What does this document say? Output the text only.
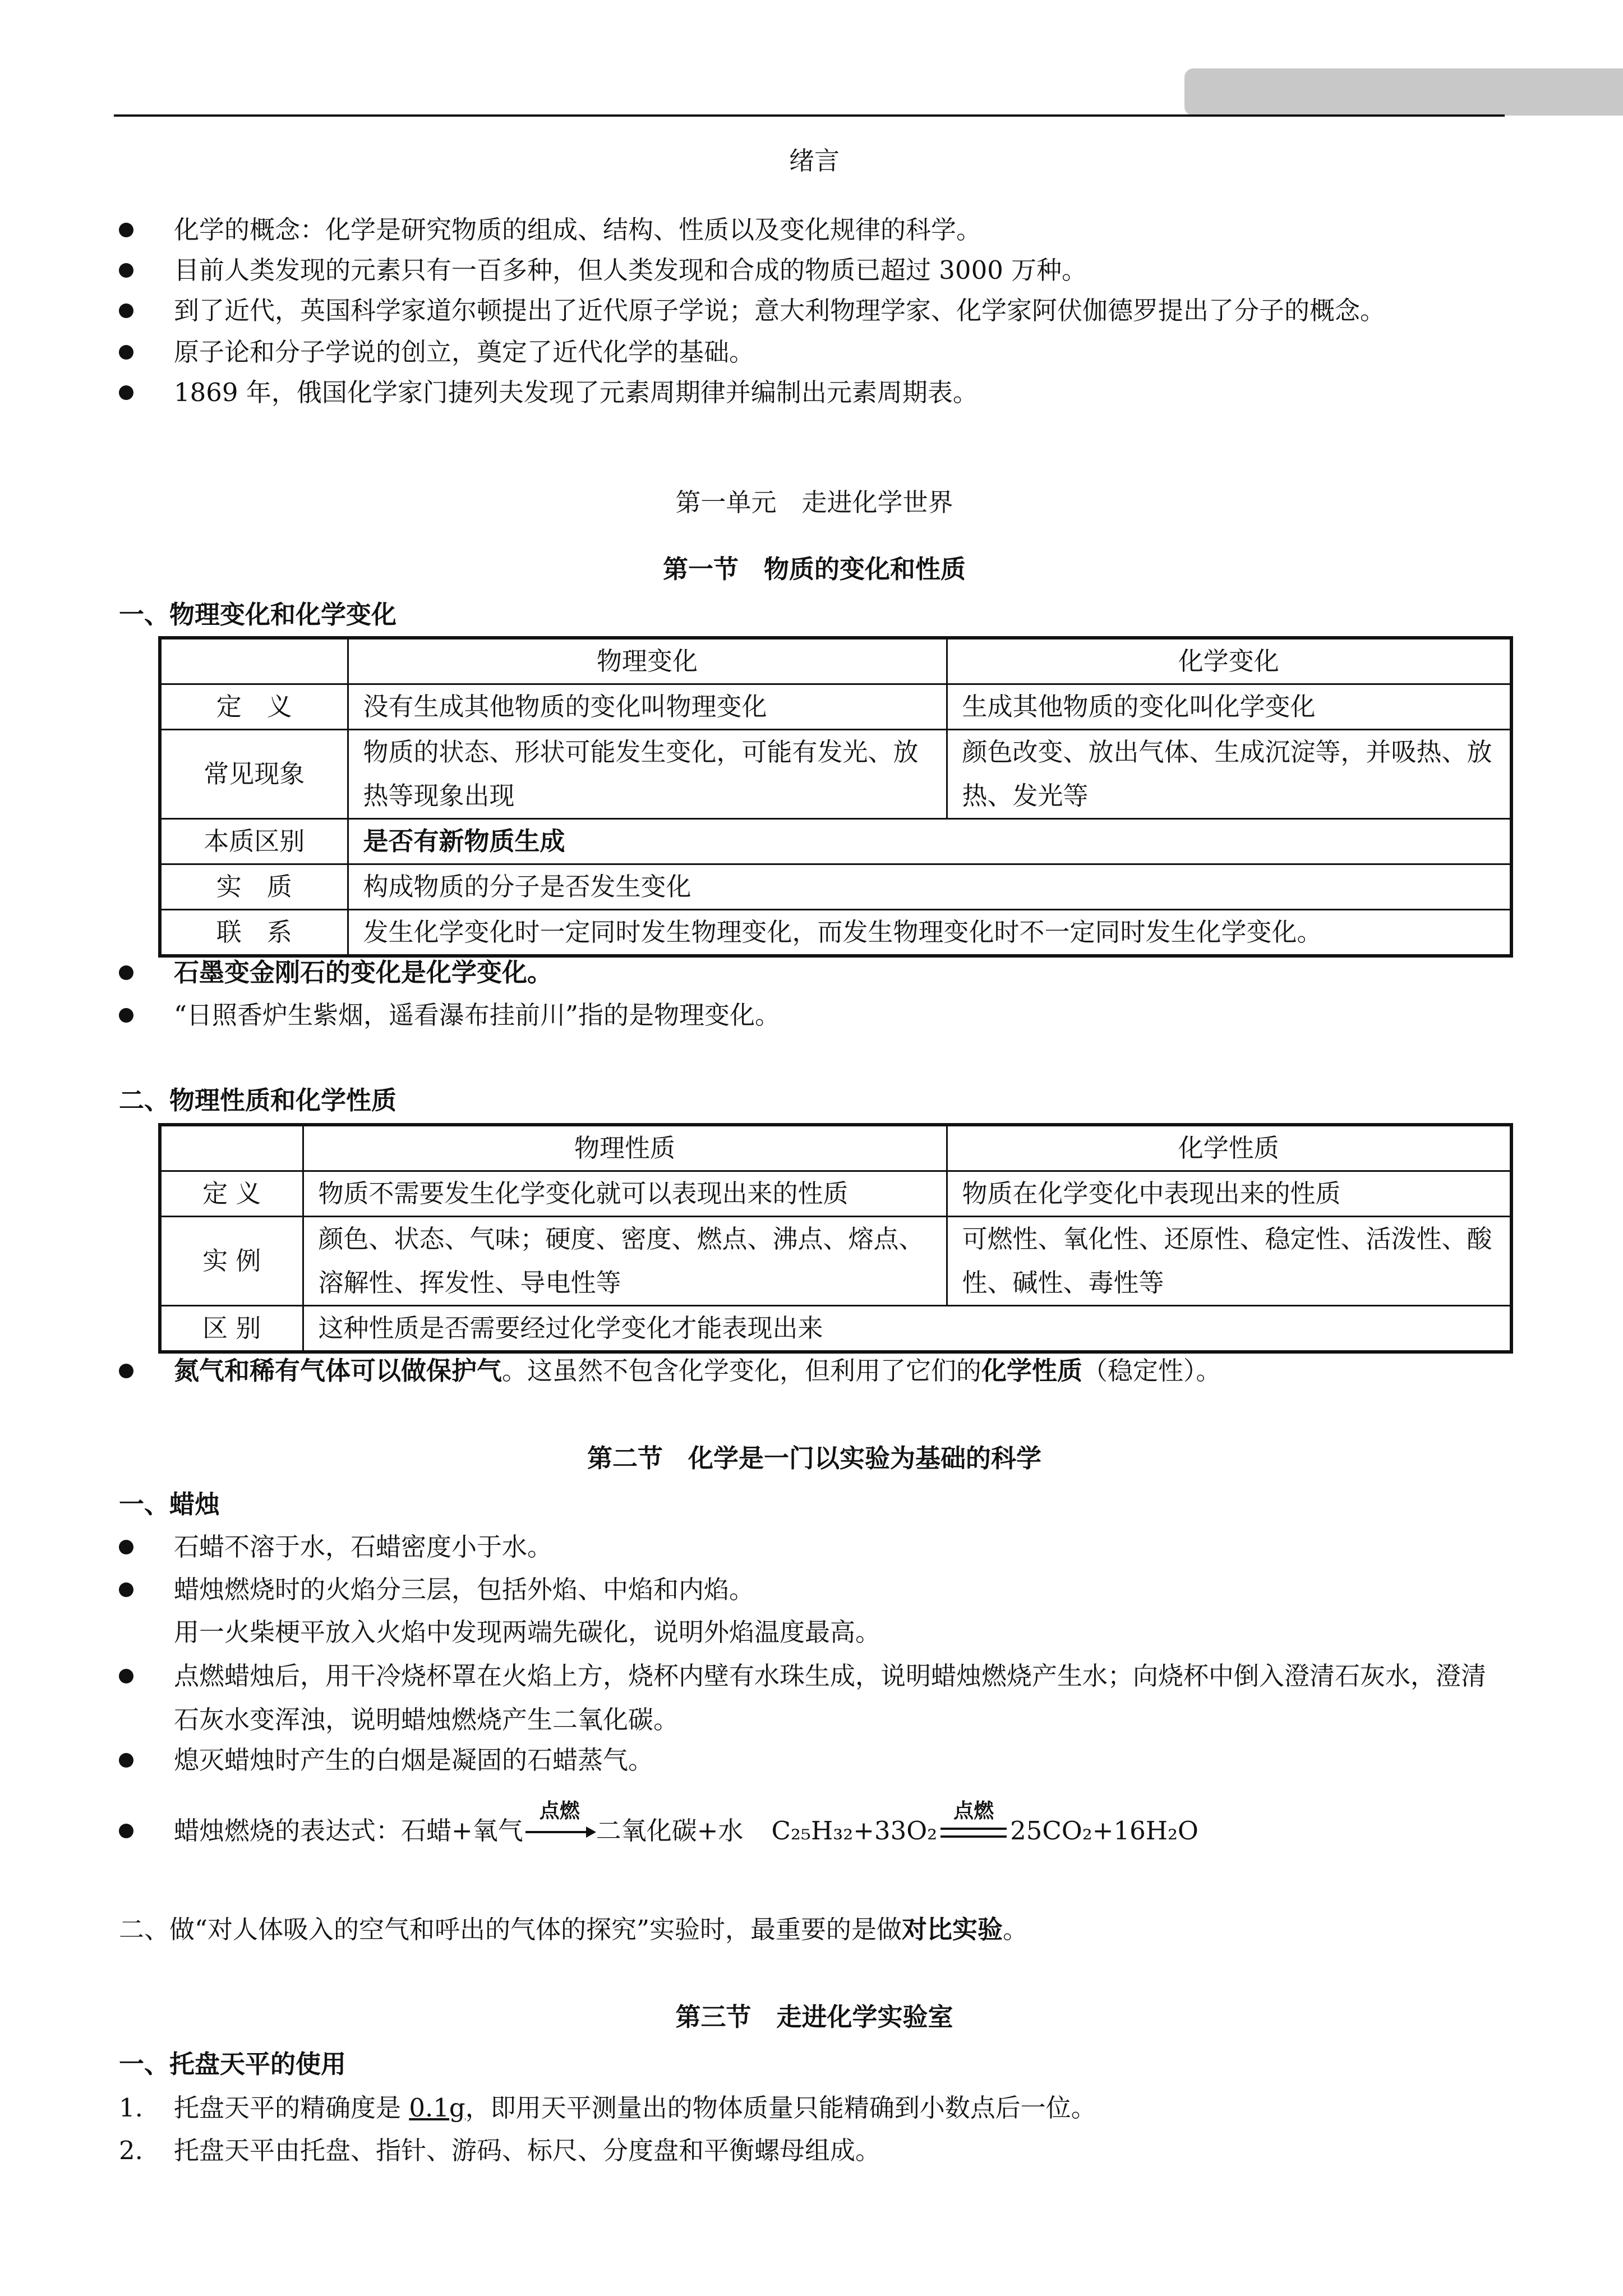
绪言
化学的概念：化学是研究物质的组成、结构、性质以及变化规律的科学。
目前人类发现的元素只有一百多种，但人类发现和合成的物质已超过 3000 万种。
到了近代，英国科学家道尔顿提出了近代原子学说；意大利物理学家、化学家阿伏伽德罗提出了分子的概念。
原子论和分子学说的创立，奠定了近代化学的基础。
1869 年，俄国化学家门捷列夫发现了元素周期律并编制出元素周期表。
第一单元　走进化学世界
第一节　物质的变化和性质
一、物理变化和化学变化
	物理变化	化学变化
定　义	没有生成其他物质的变化叫物理变化	生成其他物质的变化叫化学变化
常见现象	物质的状态、形状可能发生变化，可能有发光、放热等现象出现	颜色改变、放出气体、生成沉淀等，并吸热、放热、发光等
本质区别	是否有新物质生成	
实　质	构成物质的分子是否发生变化	
联　系	发生化学变化时一定同时发生物理变化，而发生物理变化时不一定同时发生化学变化。	
石墨变金刚石的变化是化学变化。
“日照香炉生紫烟，遥看瀑布挂前川”指的是物理变化。
二、物理性质和化学性质
	物理性质	化学性质
定 义	物质不需要发生化学变化就可以表现出来的性质	物质在化学变化中表现出来的性质
实 例	颜色、状态、气味；硬度、密度、燃点、沸点、熔点、溶解性、挥发性、导电性等	可燃性、氧化性、还原性、稳定性、活泼性、酸性、碱性、毒性等
区 别	这种性质是否需要经过化学变化才能表现出来	
氮气和稀有气体可以做保护气。这虽然不包含化学变化，但利用了它们的化学性质（稳定性）。
第二节　化学是一门以实验为基础的科学
一、蜡烛
石蜡不溶于水，石蜡密度小于水。
蜡烛燃烧时的火焰分三层，包括外焰、中焰和内焰。
用一火柴梗平放入火焰中发现两端先碳化，说明外焰温度最高。
点燃蜡烛后，用干冷烧杯罩在火焰上方，烧杯内壁有水珠生成，说明蜡烛燃烧产生水；向烧杯中倒入澄清石灰水，澄清石灰水变浑浊，说明蜡烛燃烧产生二氧化碳。
熄灭蜡烛时产生的白烟是凝固的石蜡蒸气。
蜡烛燃烧的表达式：石蜡+氧气
点燃
二氧化碳+水 C₂₅H₃₂+33O₂
点燃
25CO₂+16H₂O
二、做“对人体吸入的空气和呼出的气体的探究”实验时，最重要的是做对比实验。
第三节　走进化学实验室
一、托盘天平的使用
1. 托盘天平的精确度是 0.1g，即用天平测量出的物体质量只能精确到小数点后一位。
2. 托盘天平由托盘、指针、游码、标尺、分度盘和平衡螺母组成。
